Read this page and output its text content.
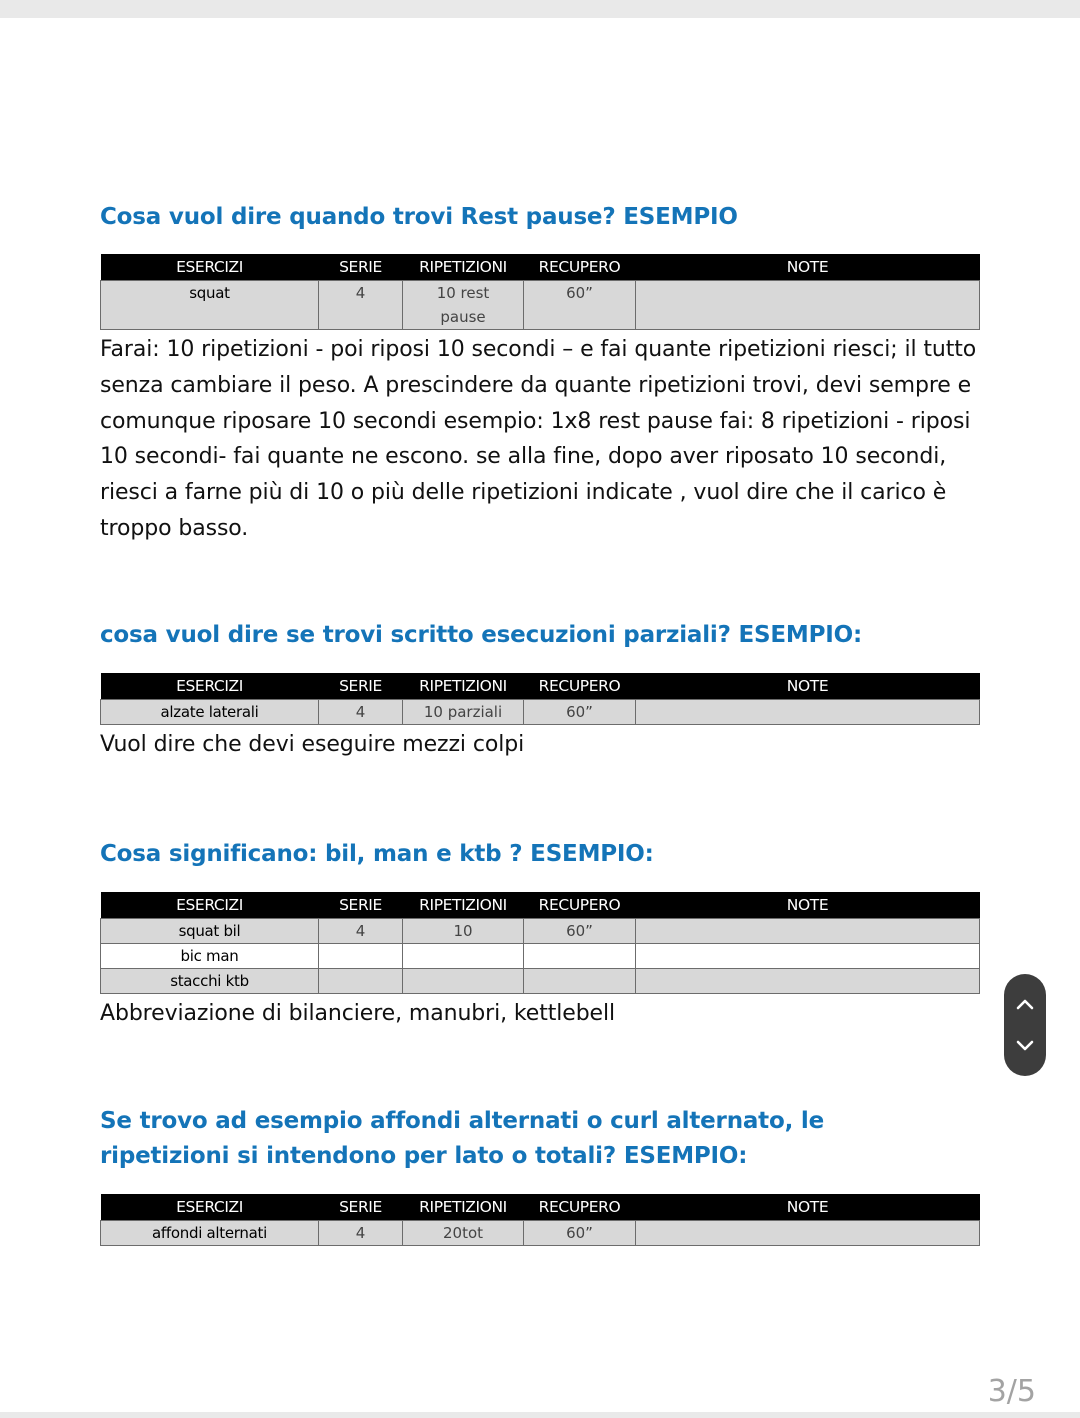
Cosa vuol dire quando trovi Rest pause? ESEMPIO

ESERCIZI	SERIE	RIPETIZIONI	RECUPERO	NOTE
squat	4	10 rest pause	60”	

Farai: 10 ripetizioni - poi riposi 10 secondi – e fai quante ripetizioni riesci; il tutto senza cambiare il peso. A prescindere da quante ripetizioni trovi, devi sempre e comunque riposare 10 secondi esempio: 1x8 rest pause fai: 8 ripetizioni - riposi 10 secondi- fai quante ne escono. se alla fine, dopo aver riposato 10 secondi, riesci a farne più di 10 o più delle ripetizioni indicate , vuol dire che il carico è troppo basso.

cosa vuol dire se trovi scritto esecuzioni parziali? ESEMPIO:

ESERCIZI	SERIE	RIPETIZIONI	RECUPERO	NOTE
alzate laterali	4	10 parziali	60”	

Vuol dire che devi eseguire mezzi colpi

Cosa significano: bil, man e ktb ? ESEMPIO:

ESERCIZI	SERIE	RIPETIZIONI	RECUPERO	NOTE
squat bil	4	10	60”	
bic man				
stacchi ktb				

Abbreviazione di bilanciere, manubri, kettlebell

Se trovo ad esempio affondi alternati o curl alternato, le ripetizioni si intendono per lato o totali? ESEMPIO:

ESERCIZI	SERIE	RIPETIZIONI	RECUPERO	NOTE
affondi alternati	4	20tot	60”	
3/5
